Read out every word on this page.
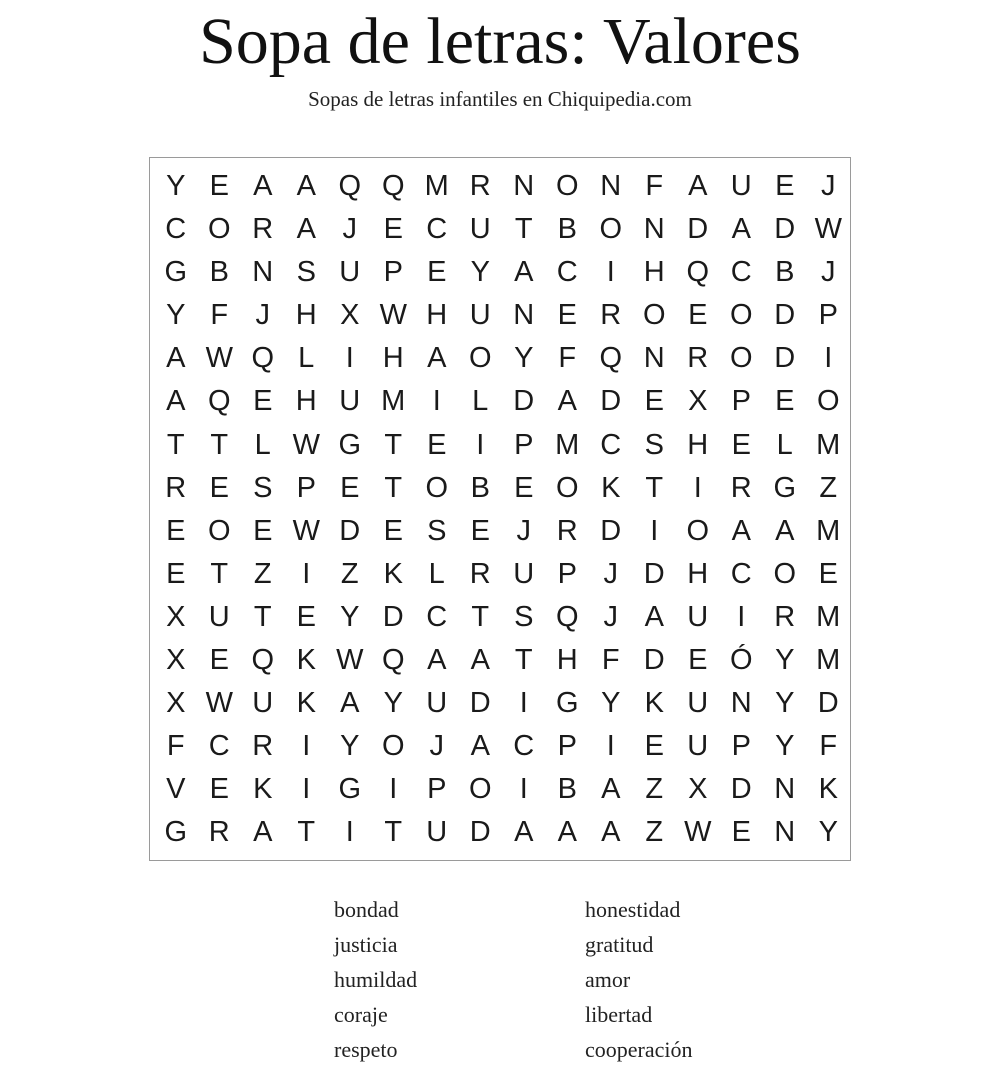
Sopa de letras: Valores
Sopas de letras infantiles en Chiquipedia.com
Y E A A Q Q M R N O N F A U E J
C O R A J E C U T B O N D A D W
G B N S U P E Y A C	I H Q C B J
Y F J H X W H U N E R O E O D P
A W Q L	I H A O Y F Q N R O D	I
A Q E H U M I	L D A D E X P E O
T T L W G T E	I	P M C S H E L M
R E S P E T O B E O K T	I R G Z
E O E W D E S E J R D	I O A A M
E T Z	I	Z K L R U P J D H C O E
X U T E Y D C T S Q J A U	I R M
X E Q K W Q A A T H F D E Ó Y M
X W U K A Y U D	I G Y K U N Y D
F C R	I	Y O J A C P	I	E U P Y F
V E K	I G I	P O I	B A Z X D N K
G R A T	I	T U D A A A Z W E N Y
bondad
justicia
humildad
coraje
respeto
honestidad
gratitud
amor
libertad
cooperación
